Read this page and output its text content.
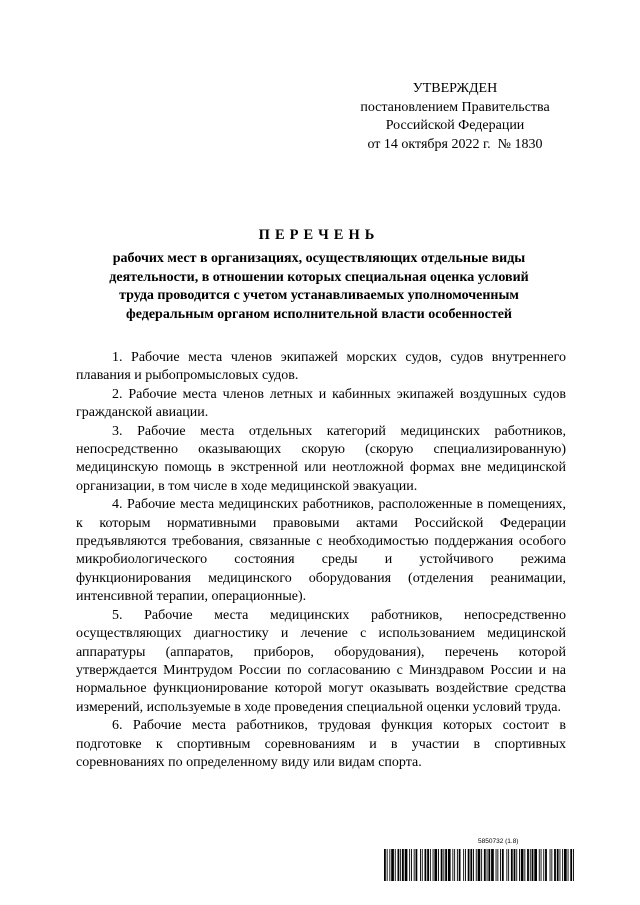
УТВЕРЖДЕН
постановлением Правительства
Российской Федерации
от 14 октября 2022 г.  № 1830
ПЕРЕЧЕНЬ
рабочих мест в организациях, осуществляющих отдельные виды
деятельности, в отношении которых специальная оценка условий
труда проводится с учетом устанавливаемых уполномоченным
федеральным органом исполнительной власти особенностей

1. Рабочие места членов экипажей морских судов, судов внутреннего плавания и рыбопромысловых судов.

2. Рабочие места членов летных и кабинных экипажей воздушных судов гражданской авиации.

3. Рабочие места отдельных категорий медицинских работников, непосредственно оказывающих скорую (скорую специализированную) медицинскую помощь в экстренной или неотложной формах вне медицинской организации, в том числе в ходе медицинской эвакуации.

4. Рабочие места медицинских работников, расположенные в помещениях, к которым нормативными правовыми актами Российской Федерации предъявляются требования, связанные с необходимостью поддержания особого микробиологического состояния среды и устойчивого режима функционирования медицинского оборудования (отделения реанимации, интенсивной терапии, операционные).

5. Рабочие места медицинских работников, непосредственно осуществляющих диагностику и лечение с использованием медицинской аппаратуры (аппаратов, приборов, оборудования), перечень которой утверждается Минтрудом России по согласованию с Минздравом России и на нормальное функционирование которой могут оказывать воздействие средства измерений, используемые в ходе проведения специальной оценки условий труда.

6. Рабочие места работников, трудовая функция которых состоит в подготовке к спортивным соревнованиям и в участии в спортивных соревнованиях по определенному виду или видам спорта.

5850732 (1.8)
